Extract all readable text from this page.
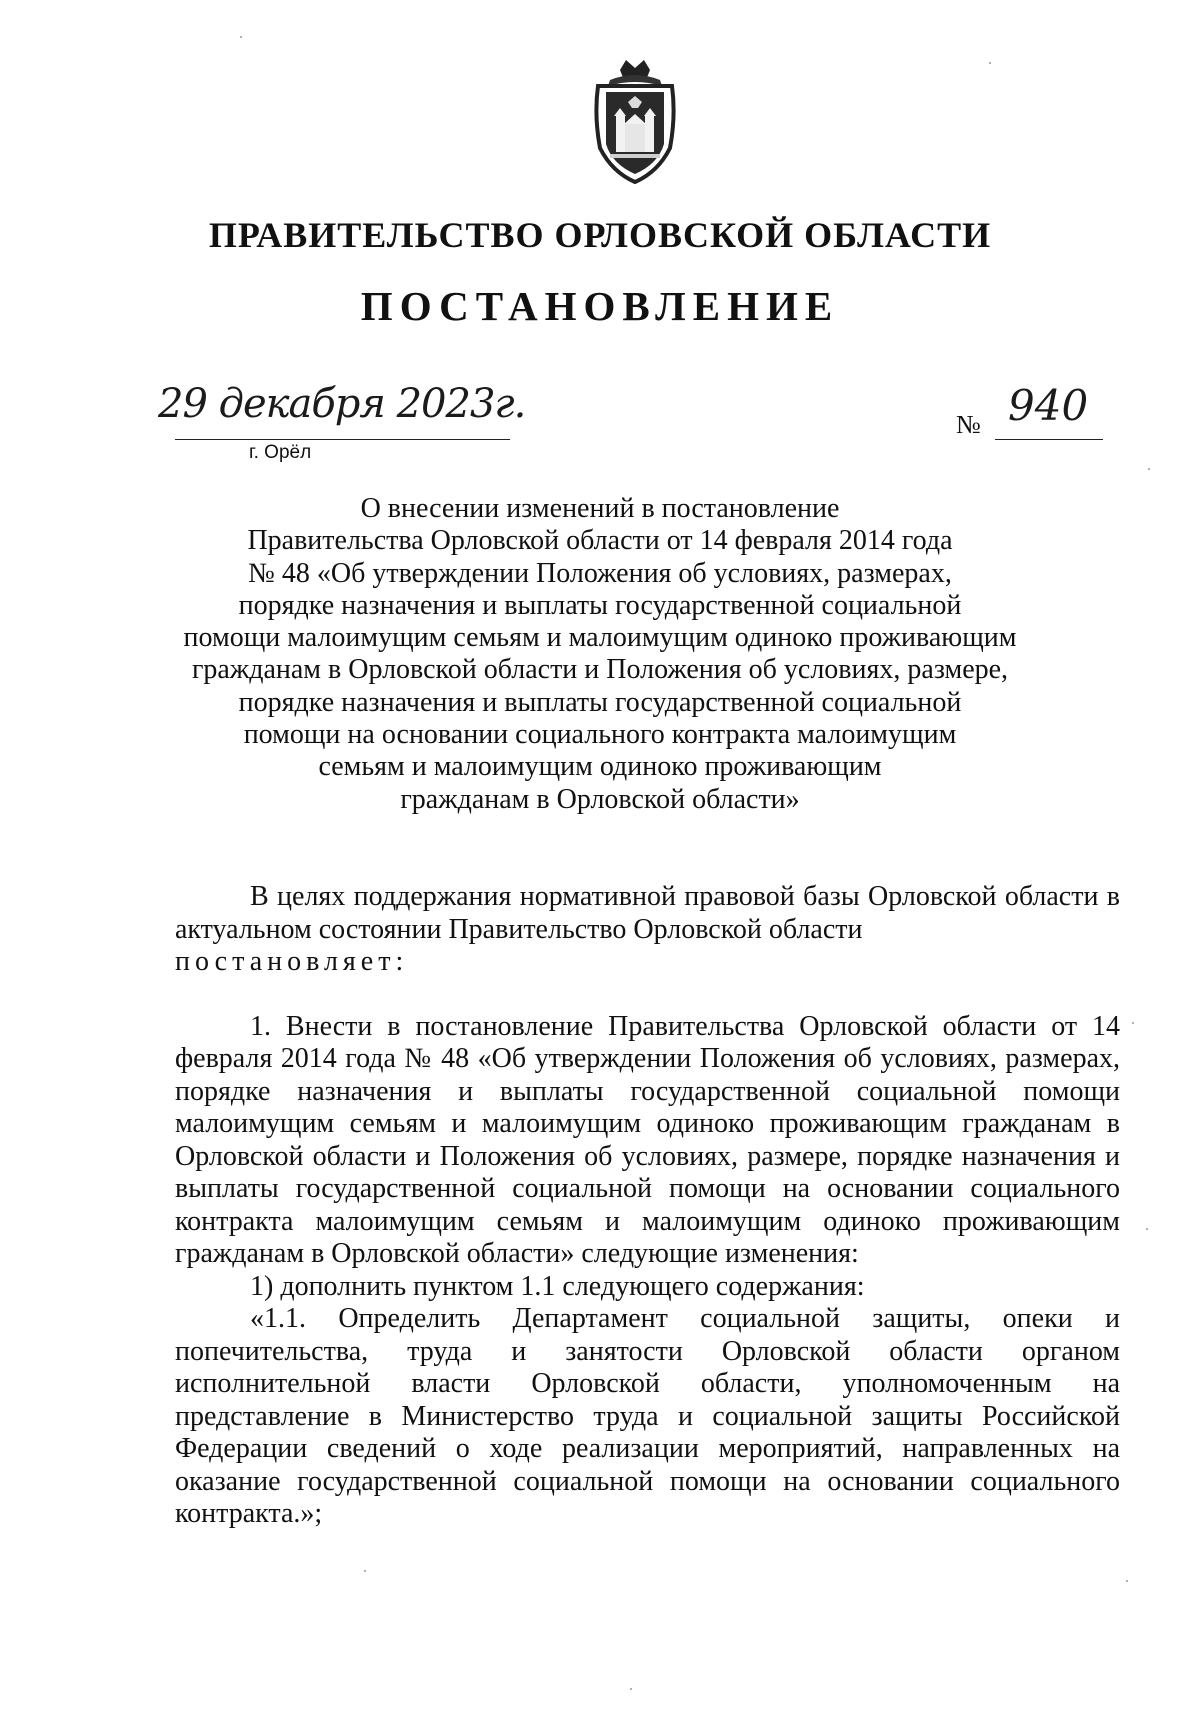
ПРАВИТЕЛЬСТВО ОРЛОВСКОЙ ОБЛАСТИ
ПОСТАНОВЛЕНИЕ
29 декабря 2023г.
г. Орёл
№ 940

О внесении изменений в постановление
Правительства Орловской области от 14 февраля 2014 года
№ 48 «Об утверждении Положения об условиях, размерах,
порядке назначения и выплаты государственной социальной
помощи малоимущим семьям и малоимущим одиноко проживающим
гражданам в Орловской области и Положения об условиях, размере,
порядке назначения и выплаты государственной социальной
помощи на основании социального контракта малоимущим
семьям и малоимущим одиноко проживающим
гражданам в Орловской области»

В целях поддержания нормативной правовой базы Орловской области в актуальном состоянии Правительство Орловской области

постановляет:

1. Внести в постановление Правительства Орловской области от 14 февраля 2014 года № 48 «Об утверждении Положения об условиях, размерах, порядке назначения и выплаты государственной социальной помощи малоимущим семьям и малоимущим одиноко проживающим гражданам в Орловской области и Положения об условиях, размере, порядке назначения и выплаты государственной социальной помощи на основании социального контракта малоимущим семьям и малоимущим одиноко проживающим гражданам в Орловской области» следующие изменения:

1) дополнить пунктом 1.1 следующего содержания:

«1.1. Определить Департамент социальной защиты, опеки и попечительства, труда и занятости Орловской области органом исполнительной власти Орловской области, уполномоченным на представление в Министерство труда и социальной защиты Российской Федерации сведений о ходе реализации мероприятий, направленных на оказание государственной социальной помощи на основании социального контракта.»;
